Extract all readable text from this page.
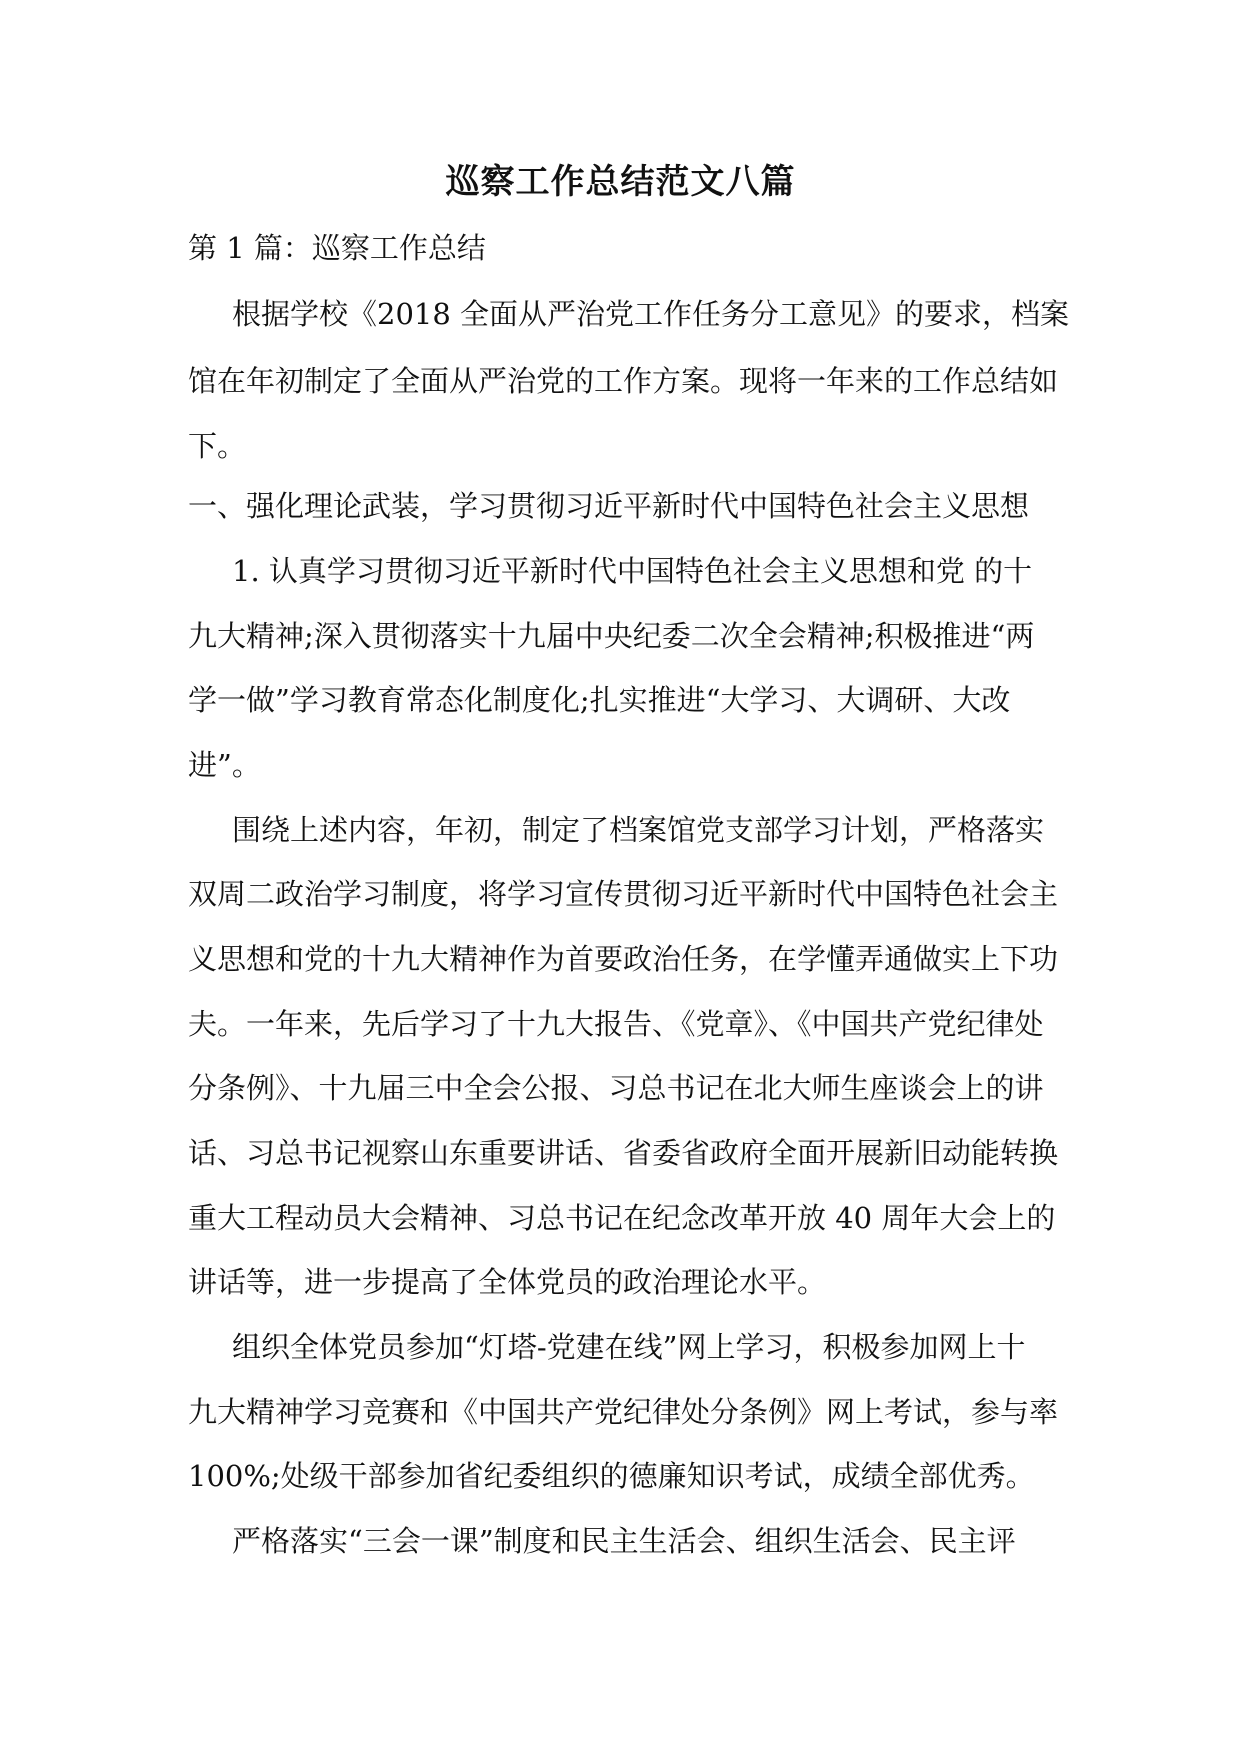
巡察工作总结范文八篇
第 1 篇：巡察工作总结
根据学校《2018 全面从严治党工作任务分工意见》的要求，档案
馆在年初制定了全面从严治党的工作方案。现将一年来的工作总结如
下。
一、强化理论武装，学习贯彻习近平新时代中国特色社会主义思想
1. 认真学习贯彻习近平新时代中国特色社会主义思想和党 的十
九大精神;深入贯彻落实十九届中央纪委二次全会精神;积极推进“两
学一做”学习教育常态化制度化;扎实推进“大学习、大调研、大改
进”。
围绕上述内容，年初，制定了档案馆党支部学习计划，严格落实
双周二政治学习制度，将学习宣传贯彻习近平新时代中国特色社会主
义思想和党的十九大精神作为首要政治任务，在学懂弄通做实上下功
夫。一年来，先后学习了十九大报告、《党章》、《中国共产党纪律处
分条例》、十九届三中全会公报、习总书记在北大师生座谈会上的讲
话、习总书记视察山东重要讲话、省委省政府全面开展新旧动能转换
重大工程动员大会精神、习总书记在纪念改革开放 40 周年大会上的
讲话等，进一步提高了全体党员的政治理论水平。
组织全体党员参加“灯塔-党建在线”网上学习，积极参加网上十
九大精神学习竞赛和《中国共产党纪律处分条例》网上考试，参与率
100%;处级干部参加省纪委组织的德廉知识考试，成绩全部优秀。
严格落实“三会一课”制度和民主生活会、组织生活会、民主评
